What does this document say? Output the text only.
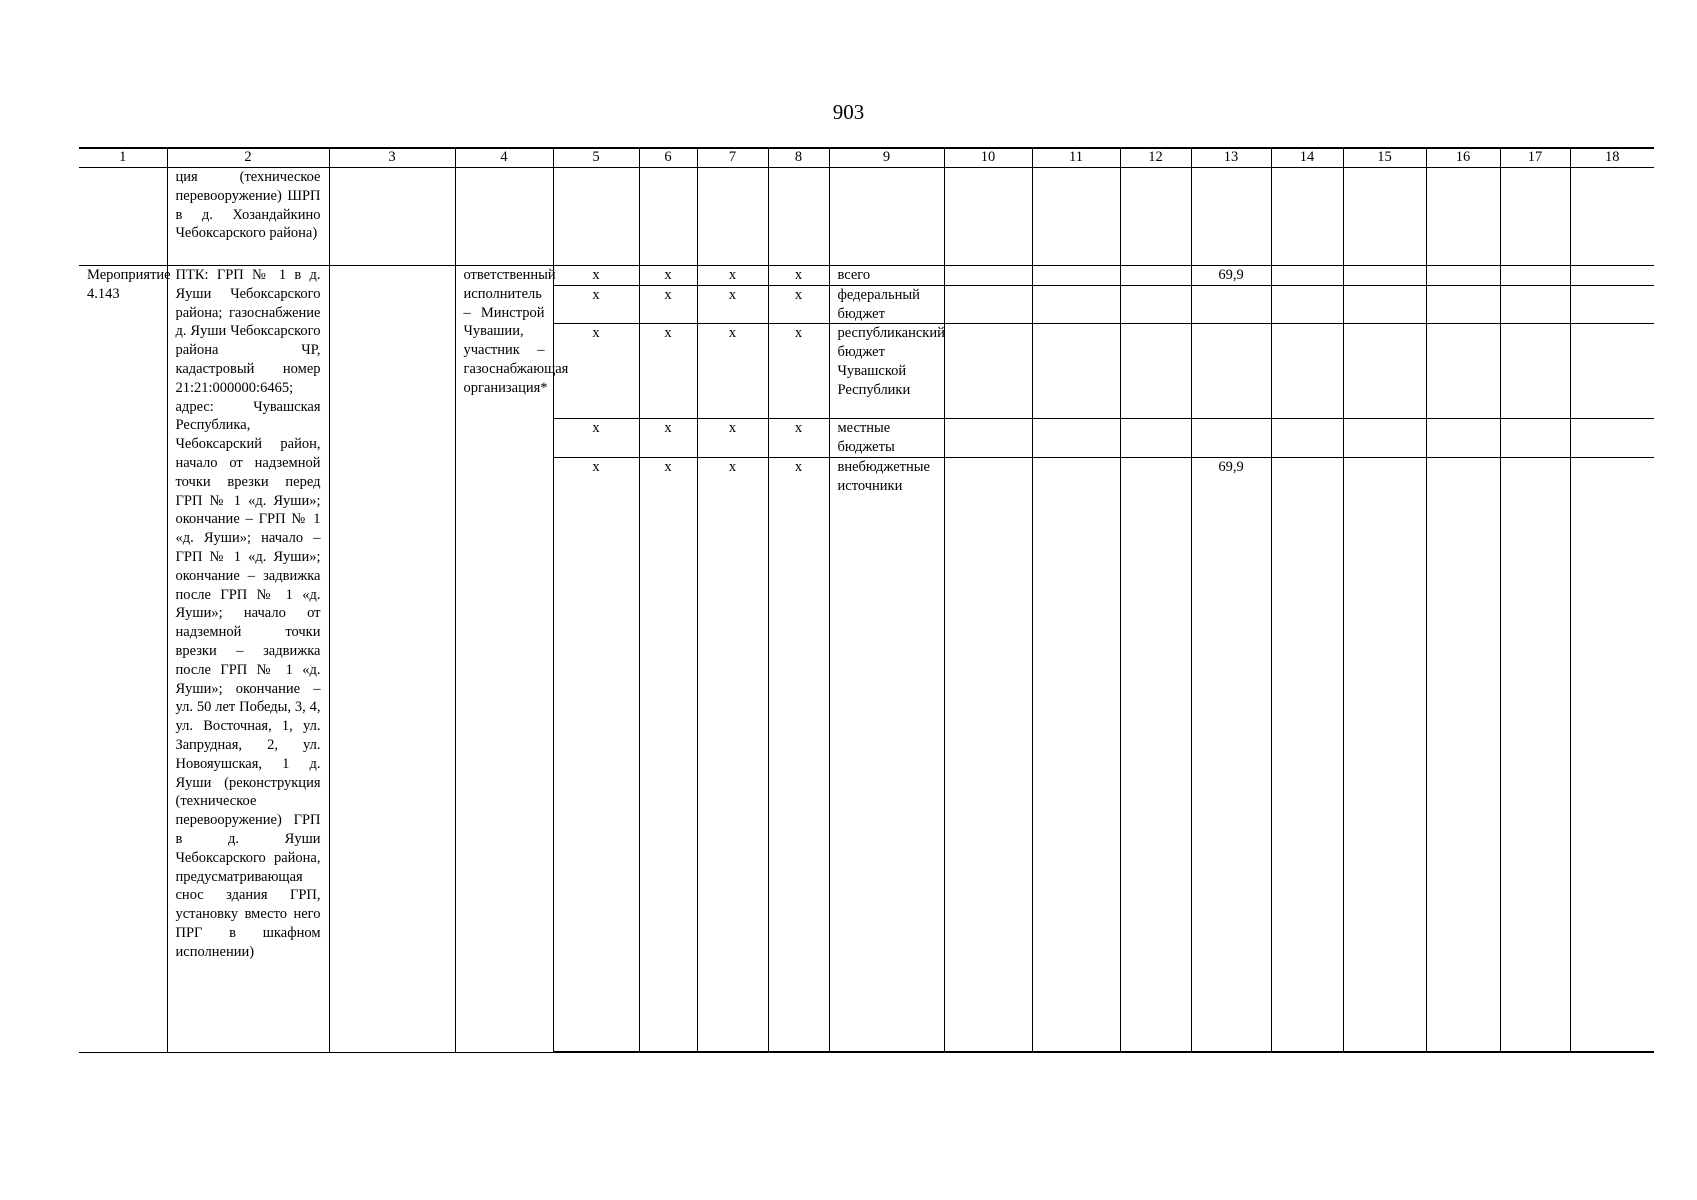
903
1	2	3	4	5	6	7	8	9	10	11	12	13	14	15	16	17	18
	ция (техническое перевооружение) ШРП в д. Хозандайкино Чебоксарского района)																
Мероприятие 4.143	ПТК: ГРП № 1 в д. Яуши Чебоксарского района; газоснабжение д. Яуши Чебоксарского района ЧР, кадастровый номер 21:21:000000:6465; адрес: Чувашская Республика, Чебоксарский район, начало от надземной точки врезки перед ГРП № 1 «д. Яуши»; окончание – ГРП № 1 «д. Яуши»; начало – ГРП № 1 «д. Яуши»; окончание – задвижка после ГРП № 1 «д. Яуши»; начало от надземной точки врезки – задвижка после ГРП № 1 «д. Яуши»; окончание – ул. 50 лет Победы, 3, 4, ул. Восточная, 1, ул. Запрудная, 2, ул. Новояушская, 1 д. Яуши (реконструкция (техническое перевооружение) ГРП в д. Яуши Чебоксарского района, предусматривающая снос здания ГРП, установку вместо него ПРГ в шкафном исполнении)		ответственный исполнитель – Минстрой Чувашии, участник – газоснабжающая организация*	х	х	х	х	всего				69,9					
				х	х	х	х	федеральный бюджет									
				х	х	х	х	республиканский бюджет Чувашской Республики									
				х	х	х	х	местные бюджеты									
				х	х	х	х	внебюджетные источники				69,9					
